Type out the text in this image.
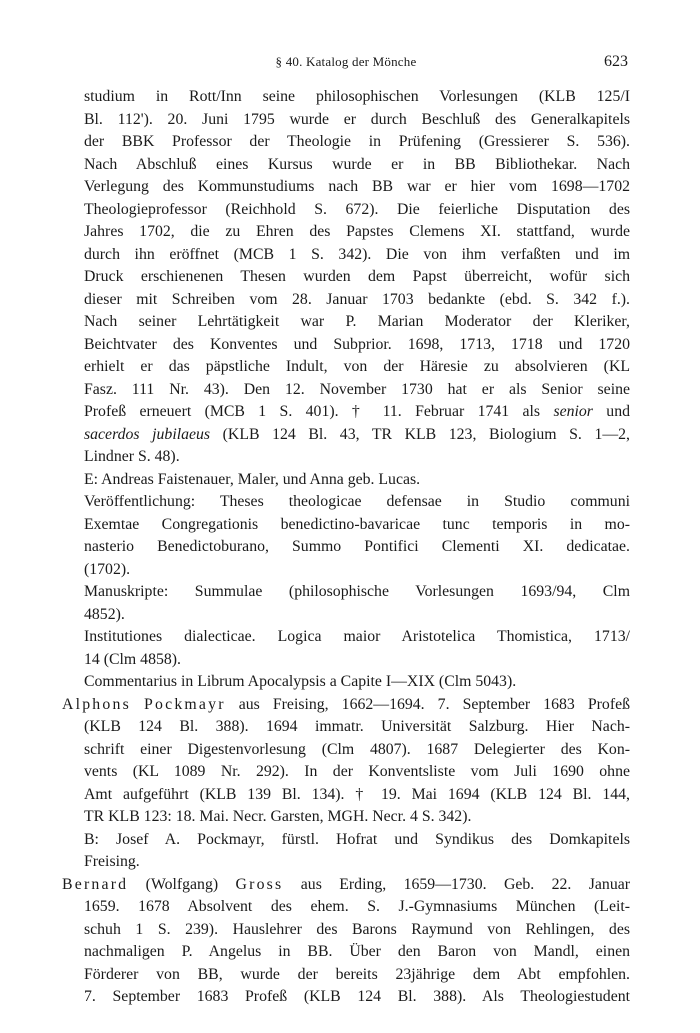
§ 40. Katalog der Mönche	623
studium in Rott/Inn seine philosophischen Vorlesungen (KLB 125/I
Bl. 112'). 20. Juni 1795 wurde er durch Beschluß des Generalkapitels
der BBK Professor der Theologie in Prüfening (Gressierer S. 536).
Nach Abschluß eines Kursus wurde er in BB Bibliothekar. Nach
Verlegung des Kommunstudiums nach BB war er hier vom 1698—1702
Theologieprofessor (Reichhold S. 672). Die feierliche Disputation des
Jahres 1702, die zu Ehren des Papstes Clemens XI. stattfand, wurde
durch ihn eröffnet (MCB 1 S. 342). Die von ihm verfaßten und im
Druck erschienenen Thesen wurden dem Papst überreicht, wofür sich
dieser mit Schreiben vom 28. Januar 1703 bedankte (ebd. S. 342 f.).
Nach seiner Lehrtätigkeit war P. Marian Moderator der Kleriker,
Beichtvater des Konventes und Subprior. 1698, 1713, 1718 und 1720
erhielt er das päpstliche Indult, von der Häresie zu absolvieren (KL
Fasz. 111 Nr. 43). Den 12. November 1730 hat er als Senior seine
Profeß erneuert (MCB 1 S. 401). † 11. Februar 1741 als senior und
sacerdos jubilaeus (KLB 124 Bl. 43, TR KLB 123, Biologium S. 1—2,
Lindner S. 48).
E: Andreas Faistenauer, Maler, und Anna geb. Lucas.
Veröffentlichung: Theses theologicae defensae in Studio communi
Exemtae Congregationis benedictino-bavaricae tunc temporis in mo-
nasterio Benedictoburano, Summo Pontifici Clementi XI. dedicatae.
(1702).
Manuskripte: Summulae (philosophische Vorlesungen 1693/94, Clm
4852).
Institutiones dialecticae. Logica maior Aristotelica Thomistica, 1713/
14 (Clm 4858).
Commentarius in Librum Apocalypsis a Capite I—XIX (Clm 5043).
Alphons Pockmayr aus Freising, 1662—1694. 7. September 1683 Profeß
(KLB 124 Bl. 388). 1694 immatr. Universität Salzburg. Hier Nach-
schrift einer Digestenvorlesung (Clm 4807). 1687 Delegierter des Kon-
vents (KL 1089 Nr. 292). In der Konventsliste vom Juli 1690 ohne
Amt aufgeführt (KLB 139 Bl. 134). † 19. Mai 1694 (KLB 124 Bl. 144,
TR KLB 123: 18. Mai. Necr. Garsten, MGH. Necr. 4 S. 342).
B: Josef A. Pockmayr, fürstl. Hofrat und Syndikus des Domkapitels
Freising.
Bernard (Wolfgang) Gross aus Erding, 1659—1730. Geb. 22. Januar
1659. 1678 Absolvent des ehem. S. J.-Gymnasiums München (Leit-
schuh 1 S. 239). Hauslehrer des Barons Raymund von Rehlingen, des
nachmaligen P. Angelus in BB. Über den Baron von Mandl, einen
Förderer von BB, wurde der bereits 23jährige dem Abt empfohlen.
7. September 1683 Profeß (KLB 124 Bl. 388). Als Theologiestudent
